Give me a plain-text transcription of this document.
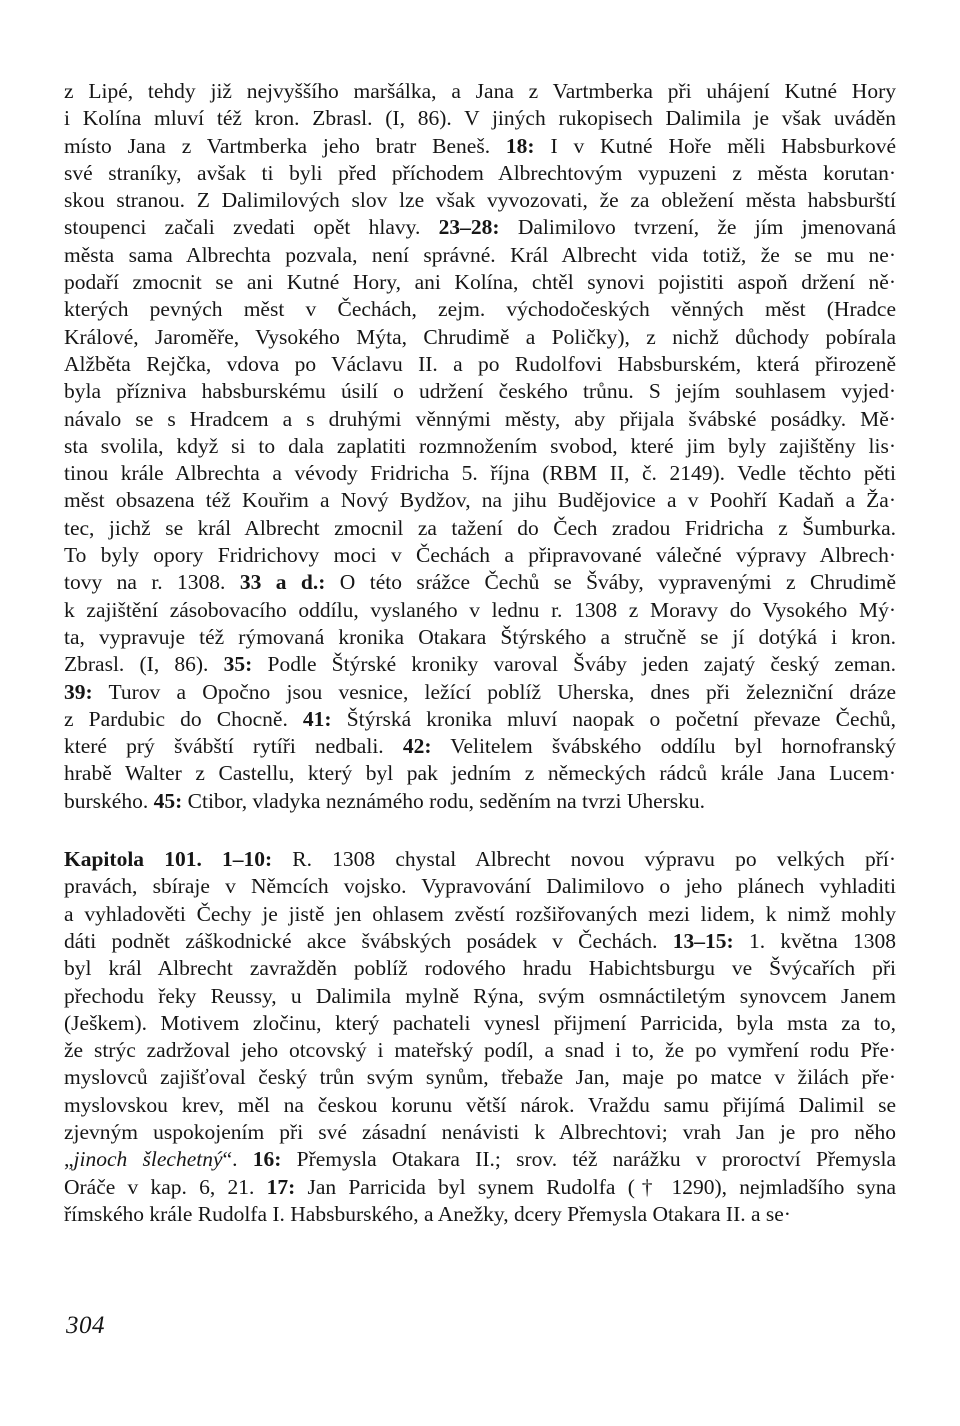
z Lipé, tehdy již nejvyššího maršálka, a Jana z Vartmberka při uhájení Kutné Hory
i Kolína mluví též kron. Zbrasl. (I, 86). V jiných rukopisech Dalimila je však uváděn
místo Jana z Vartmberka jeho bratr Beneš. 18: I v Kutné Hoře měli Habsburkové
své straníky, avšak ti byli před příchodem Albrechtovým vypuzeni z města korutan·
skou stranou. Z Dalimilových slov lze však vyvozovati, že za obležení města habsburští
stoupenci začali zvedati opět hlavy. 23–28: Dalimilovo tvrzení, že jím jmenovaná
města sama Albrechta pozvala, není správné. Král Albrecht vida totiž, že se mu ne·
podaří zmocnit se ani Kutné Hory, ani Kolína, chtěl synovi pojistiti aspoň držení ně·
kterých pevných měst v Čechách, zejm. východočeských věnných měst (Hradce
Králové, Jaroměře, Vysokého Mýta, Chrudimě a Poličky), z nichž důchody pobírala
Alžběta Rejčka, vdova po Václavu II. a po Rudolfovi Habsburském, která přirozeně
byla přízniva habsburskému úsilí o udržení českého trůnu. S jejím souhlasem vyjed·
návalo se s Hradcem a s druhými věnnými městy, aby přijala švábské posádky. Mě·
sta svolila, když si to dala zaplatiti rozmnožením svobod, které jim byly zajištěny lis·
tinou krále Albrechta a vévody Fridricha 5. října (RBM II, č. 2149). Vedle těchto pěti
měst obsazena též Kouřim a Nový Bydžov, na jihu Budějovice a v Poohří Kadaň a Ža·
tec, jichž se král Albrecht zmocnil za tažení do Čech zradou Fridricha z Šumburka.
To byly opory Fridrichovy moci v Čechách a připravované válečné výpravy Albrech·
tovy na r. 1308. 33 a d.: O této srážce Čechů se Šváby, vypravenými z Chrudimě
k zajištění zásobovacího oddílu, vyslaného v lednu r. 1308 z Moravy do Vysokého Mý·
ta, vypravuje též rýmovaná kronika Otakara Štýrského a stručně se jí dotýká i kron.
Zbrasl. (I, 86). 35: Podle Štýrské kroniky varoval Šváby jeden zajatý český zeman.
39: Turov a Opočno jsou vesnice, ležící poblíž Uherska, dnes při železniční dráze
z Pardubic do Chocně. 41: Štýrská kronika mluví naopak o početní převaze Čechů,
které prý švábští rytíři nedbali. 42: Velitelem švábského oddílu byl hornofranský
hrabě Walter z Castellu, který byl pak jedním z německých rádců krále Jana Lucem·
burského. 45: Ctibor, vladyka neznámého rodu, seděním na tvrzi Uhersku.
Kapitola 101. 1–10: R. 1308 chystal Albrecht novou výpravu po velkých pří·
pravách, sbíraje v Němcích vojsko. Vypravování Dalimilovo o jeho plánech vyhladiti
a vyhladověti Čechy je jistě jen ohlasem zvěstí rozšiřovaných mezi lidem, k nimž mohly
dáti podnět záškodnické akce švábských posádek v Čechách. 13–15: 1. května 1308
byl král Albrecht zavražděn poblíž rodového hradu Habichtsburgu ve Švýcařích při
přechodu řeky Reussy, u Dalimila mylně Rýna, svým osmnáctiletým synovcem Janem
(Ješkem). Motivem zločinu, který pachateli vynesl přijmení Parricida, byla msta za to,
že strýc zadržoval jeho otcovský i mateřský podíl, a snad i to, že po vymření rodu Pře·
myslovců zajišťoval český trůn svým synům, třebaže Jan, maje po matce v žilách pře·
myslovskou krev, měl na českou korunu větší nárok. Vraždu samu přijímá Dalimil se
zjevným uspokojením při své zásadní nenávisti k Albrechtovi; vrah Jan je pro něho
„jinoch šlechetný“. 16: Přemysla Otakara II.; srov. též narážku v proroctví Přemysla
Oráče v kap. 6, 21. 17: Jan Parricida byl synem Rudolfa († 1290), nejmladšího syna
římského krále Rudolfa I. Habsburského, a Anežky, dcery Přemysla Otakara II. a se·
304
